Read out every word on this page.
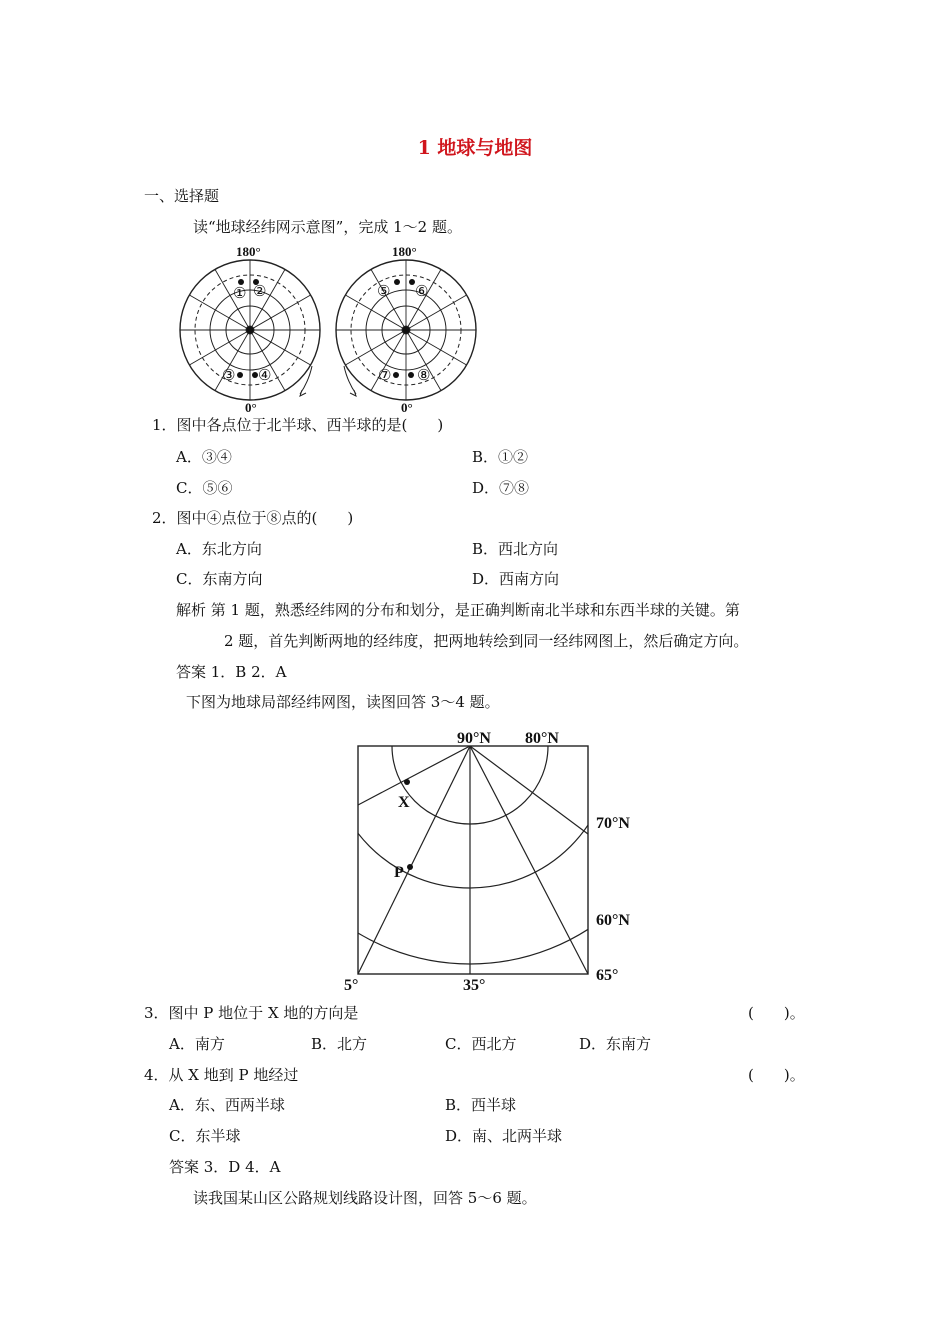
1 地球与地图
一、选择题
读“地球经纬网示意图”，完成 1～2 题。
180°
0°
180°
0°
① ②
③ ④
⑤ ⑥
⑦ ⑧
1．图中各点位于北半球、西半球的是(　　)
A．③④	B．①②
C．⑤⑥	D．⑦⑧
2．图中④点位于⑧点的(　　)
A．东北方向	B．西北方向
C．东南方向	D．西南方向
解析 第 1 题，熟悉经纬网的分布和划分，是正确判断南北半球和东西半球的关键。第
2 题，首先判断两地的经纬度，把两地转绘到同一经纬网图上，然后确定方向。
答案 1．B 2．A
下图为地球局部经纬网图，读图回答 3～4 题。
90°N 80°N
70°N
60°N
5°	35°
65°
X
P
3．图中 P 地位于 X 地的方向是	(　　)。
A．南方	B．北方	C．西北方	D．东南方
4．从 X 地到 P 地经过	(　　)。
A．东、西两半球	B．西半球
C．东半球	D．南、北两半球
答案 3．D 4．A
读我国某山区公路规划线路设计图，回答 5～6 题。
